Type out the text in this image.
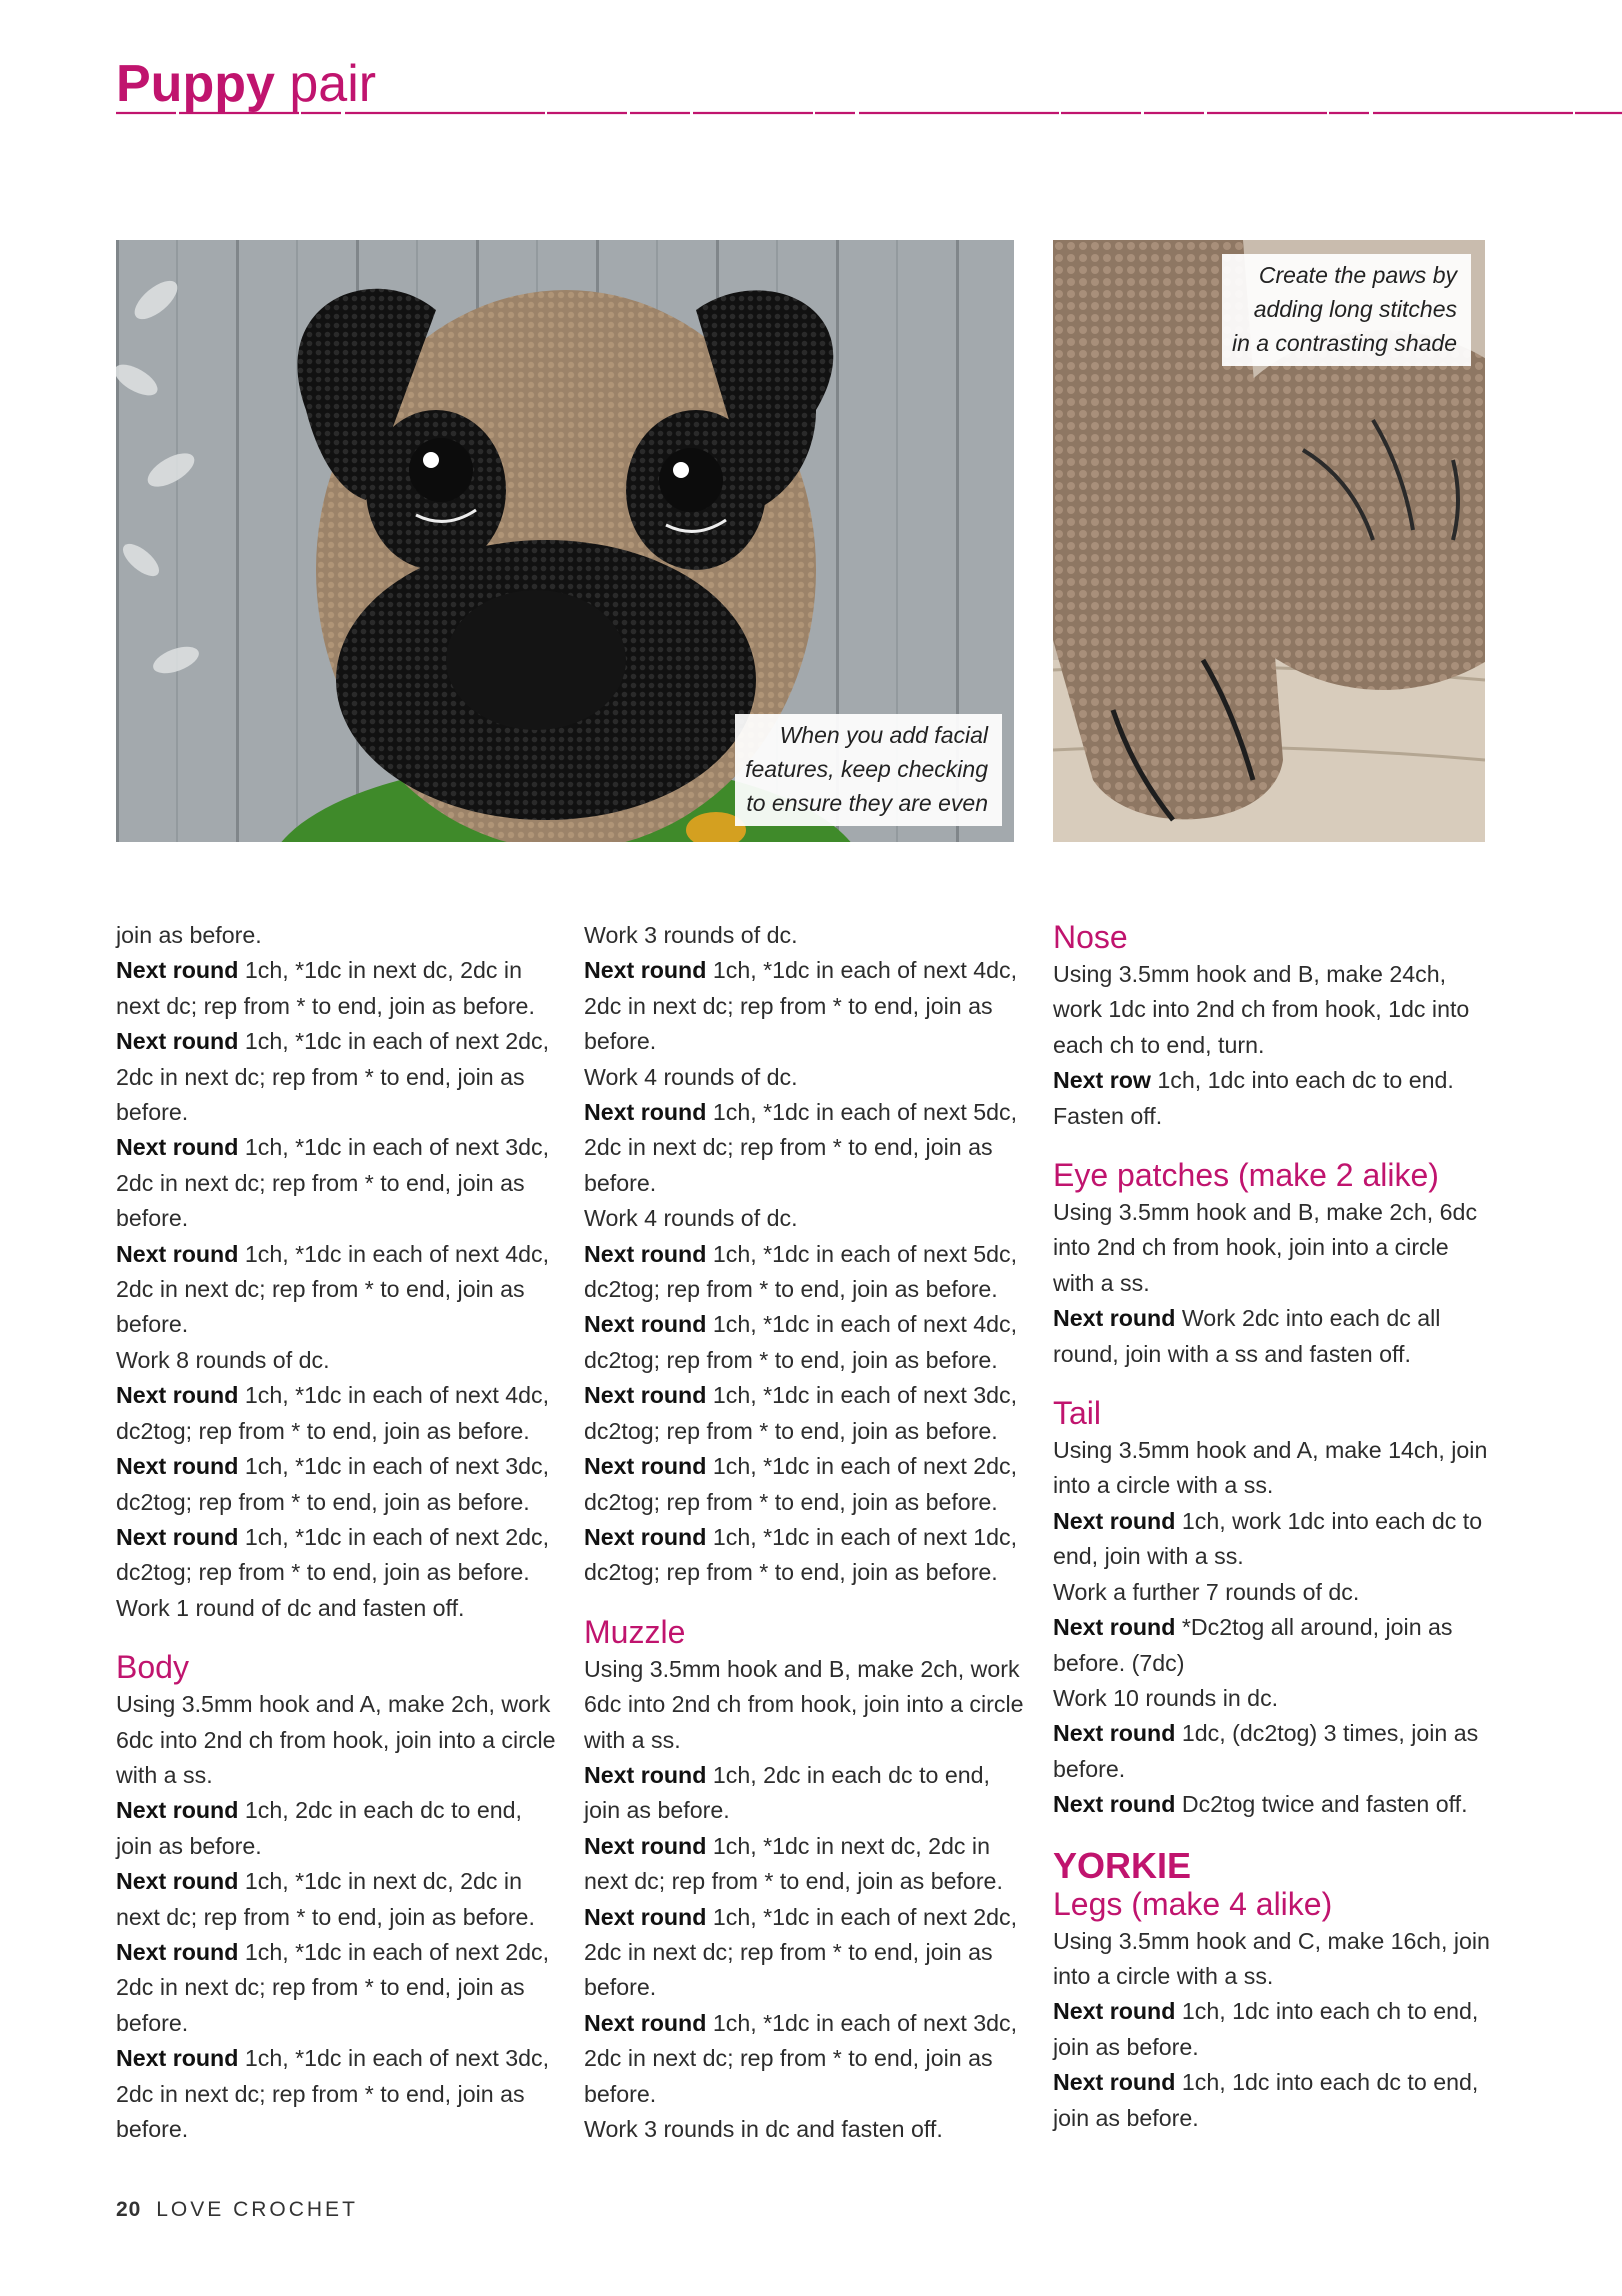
Puppy pair
When you add facial
features, keep checking
to ensure they are even
Create the paws by
adding long stitches
in a contrasting shade

join as before.

Next round 1ch, *1dc in next dc, 2dc in next dc; rep from * to end, join as before.

Next round 1ch, *1dc in each of next 2dc, 2dc in next dc; rep from * to end, join as before.

Next round 1ch, *1dc in each of next 3dc, 2dc in next dc; rep from * to end, join as before.

Next round 1ch, *1dc in each of next 4dc, 2dc in next dc; rep from * to end, join as before.

Work 8 rounds of dc.

Next round 1ch, *1dc in each of next 4dc, dc2tog; rep from * to end, join as before.

Next round 1ch, *1dc in each of next 3dc, dc2tog; rep from * to end, join as before.

Next round 1ch, *1dc in each of next 2dc, dc2tog; rep from * to end, join as before.

Work 1 round of dc and fasten off.

Body

Using 3.5mm hook and A, make 2ch, work 6dc into 2nd ch from hook, join into a circle with a ss.

Next round 1ch, 2dc in each dc to end, join as before.

Next round 1ch, *1dc in next dc, 2dc in next dc; rep from * to end, join as before.

Next round 1ch, *1dc in each of next 2dc, 2dc in next dc; rep from * to end, join as before.

Next round 1ch, *1dc in each of next 3dc, 2dc in next dc; rep from * to end, join as before.

Work 3 rounds of dc.

Next round 1ch, *1dc in each of next 4dc, 2dc in next dc; rep from * to end, join as before.

Work 4 rounds of dc.

Next round 1ch, *1dc in each of next 5dc, 2dc in next dc; rep from * to end, join as before.

Work 4 rounds of dc.

Next round 1ch, *1dc in each of next 5dc, dc2tog; rep from * to end, join as before.

Next round 1ch, *1dc in each of next 4dc, dc2tog; rep from * to end, join as before.

Next round 1ch, *1dc in each of next 3dc, dc2tog; rep from * to end, join as before.

Next round 1ch, *1dc in each of next 2dc, dc2tog; rep from * to end, join as before.

Next round 1ch, *1dc in each of next 1dc, dc2tog; rep from * to end, join as before.

Muzzle

Using 3.5mm hook and B, make 2ch, work 6dc into 2nd ch from hook, join into a circle with a ss.

Next round 1ch, 2dc in each dc to end, join as before.

Next round 1ch, *1dc in next dc, 2dc in next dc; rep from * to end, join as before.

Next round 1ch, *1dc in each of next 2dc, 2dc in next dc; rep from * to end, join as before.

Next round 1ch, *1dc in each of next 3dc, 2dc in next dc; rep from * to end, join as before.

Work 3 rounds in dc and fasten off.

Nose

Using 3.5mm hook and B, make 24ch, work 1dc into 2nd ch from hook, 1dc into each ch to end, turn.

Next row 1ch, 1dc into each dc to end.

Fasten off.

Eye patches (make 2 alike)

Using 3.5mm hook and B, make 2ch, 6dc into 2nd ch from hook, join into a circle with a ss.

Next round Work 2dc into each dc all round, join with a ss and fasten off.

Tail

Using 3.5mm hook and A, make 14ch, join into a circle with a ss.

Next round 1ch, work 1dc into each dc to end, join with a ss.

Work a further 7 rounds of dc.

Next round *Dc2tog all around, join as before. (7dc)

Work 10 rounds in dc.

Next round 1dc, (dc2tog) 3 times, join as before.

Next round Dc2tog twice and fasten off.

YORKIE
Legs (make 4 alike)

Using 3.5mm hook and C, make 16ch, join into a circle with a ss.

Next round 1ch, 1dc into each ch to end, join as before.

Next round 1ch, 1dc into each dc to end, join as before.

20 LOVE CROCHET
